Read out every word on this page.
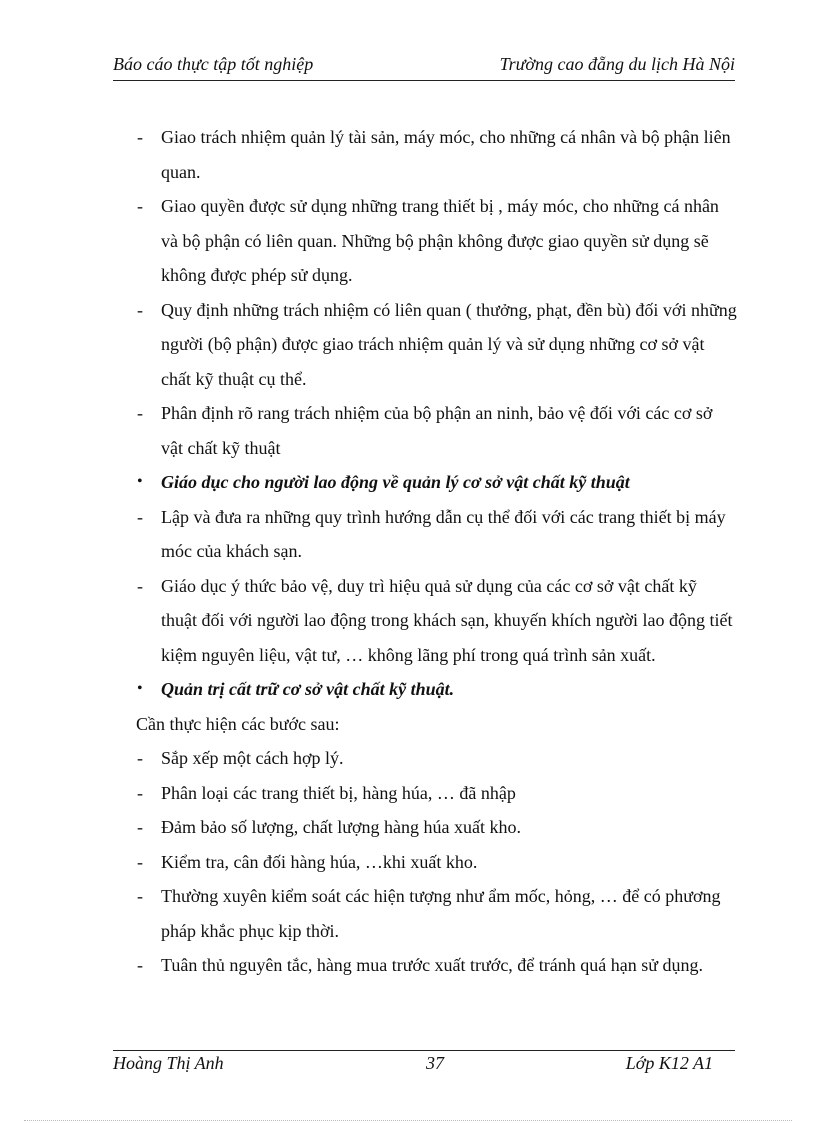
Báo cáo thực tập tốt nghiệp	Trường cao đẵng du lịch Hà Nội

-	Giao trách nhiệm quản lý tài sản, máy móc, cho những cá nhân và bộ phận liên quan.

-	Giao quyền được sử dụng những trang thiết bị , máy móc, cho những cá nhân và bộ phận có liên quan. Những bộ phận không được giao quyền sử dụng sẽ không được phép sử dụng.

-	Quy định những trách nhiệm có liên quan ( thưởng, phạt, đền bù) đối với những người (bộ phận) được giao trách nhiệm quản lý và sử dụng những cơ sở vật chất kỹ thuật cụ thể.

-	Phân định rõ rang trách nhiệm của bộ phận an ninh, bảo vệ đối với các cơ sở vật chất kỹ thuật

•	Giáo dục cho người lao động về quản lý cơ sở vật chất kỹ thuật

-	Lập và đưa ra những quy trình hướng dẫn cụ thể đối với các trang thiết bị máy móc của khách sạn.

-	Giáo dục ý thức bảo vệ, duy trì hiệu quả sử dụng của các cơ sở vật chất kỹ thuật đối với người lao động trong khách sạn, khuyến khích người lao động tiết kiệm nguyên liệu, vật tư, … không lãng phí trong quá trình sản xuất.

•	Quản trị cất trữ cơ sở vật chất kỹ thuật.

Cần thực hiện các bước sau:

-	Sắp xếp một cách hợp lý.

-	Phân loại các trang thiết bị, hàng húa, … đã nhập

-	Đảm bảo số lượng, chất lượng hàng húa xuất kho.

-	Kiểm tra, cân đối hàng húa, …khi xuất kho.

-	Thường xuyên kiểm soát các hiện tượng như ẩm mốc, hỏng, … để có phương pháp khắc phục kịp thời.

-	Tuân thủ nguyên tắc, hàng mua trước xuất trước, để tránh quá hạn sử dụng.

Hoàng Thị Anh	37	Lớp K12 A1
